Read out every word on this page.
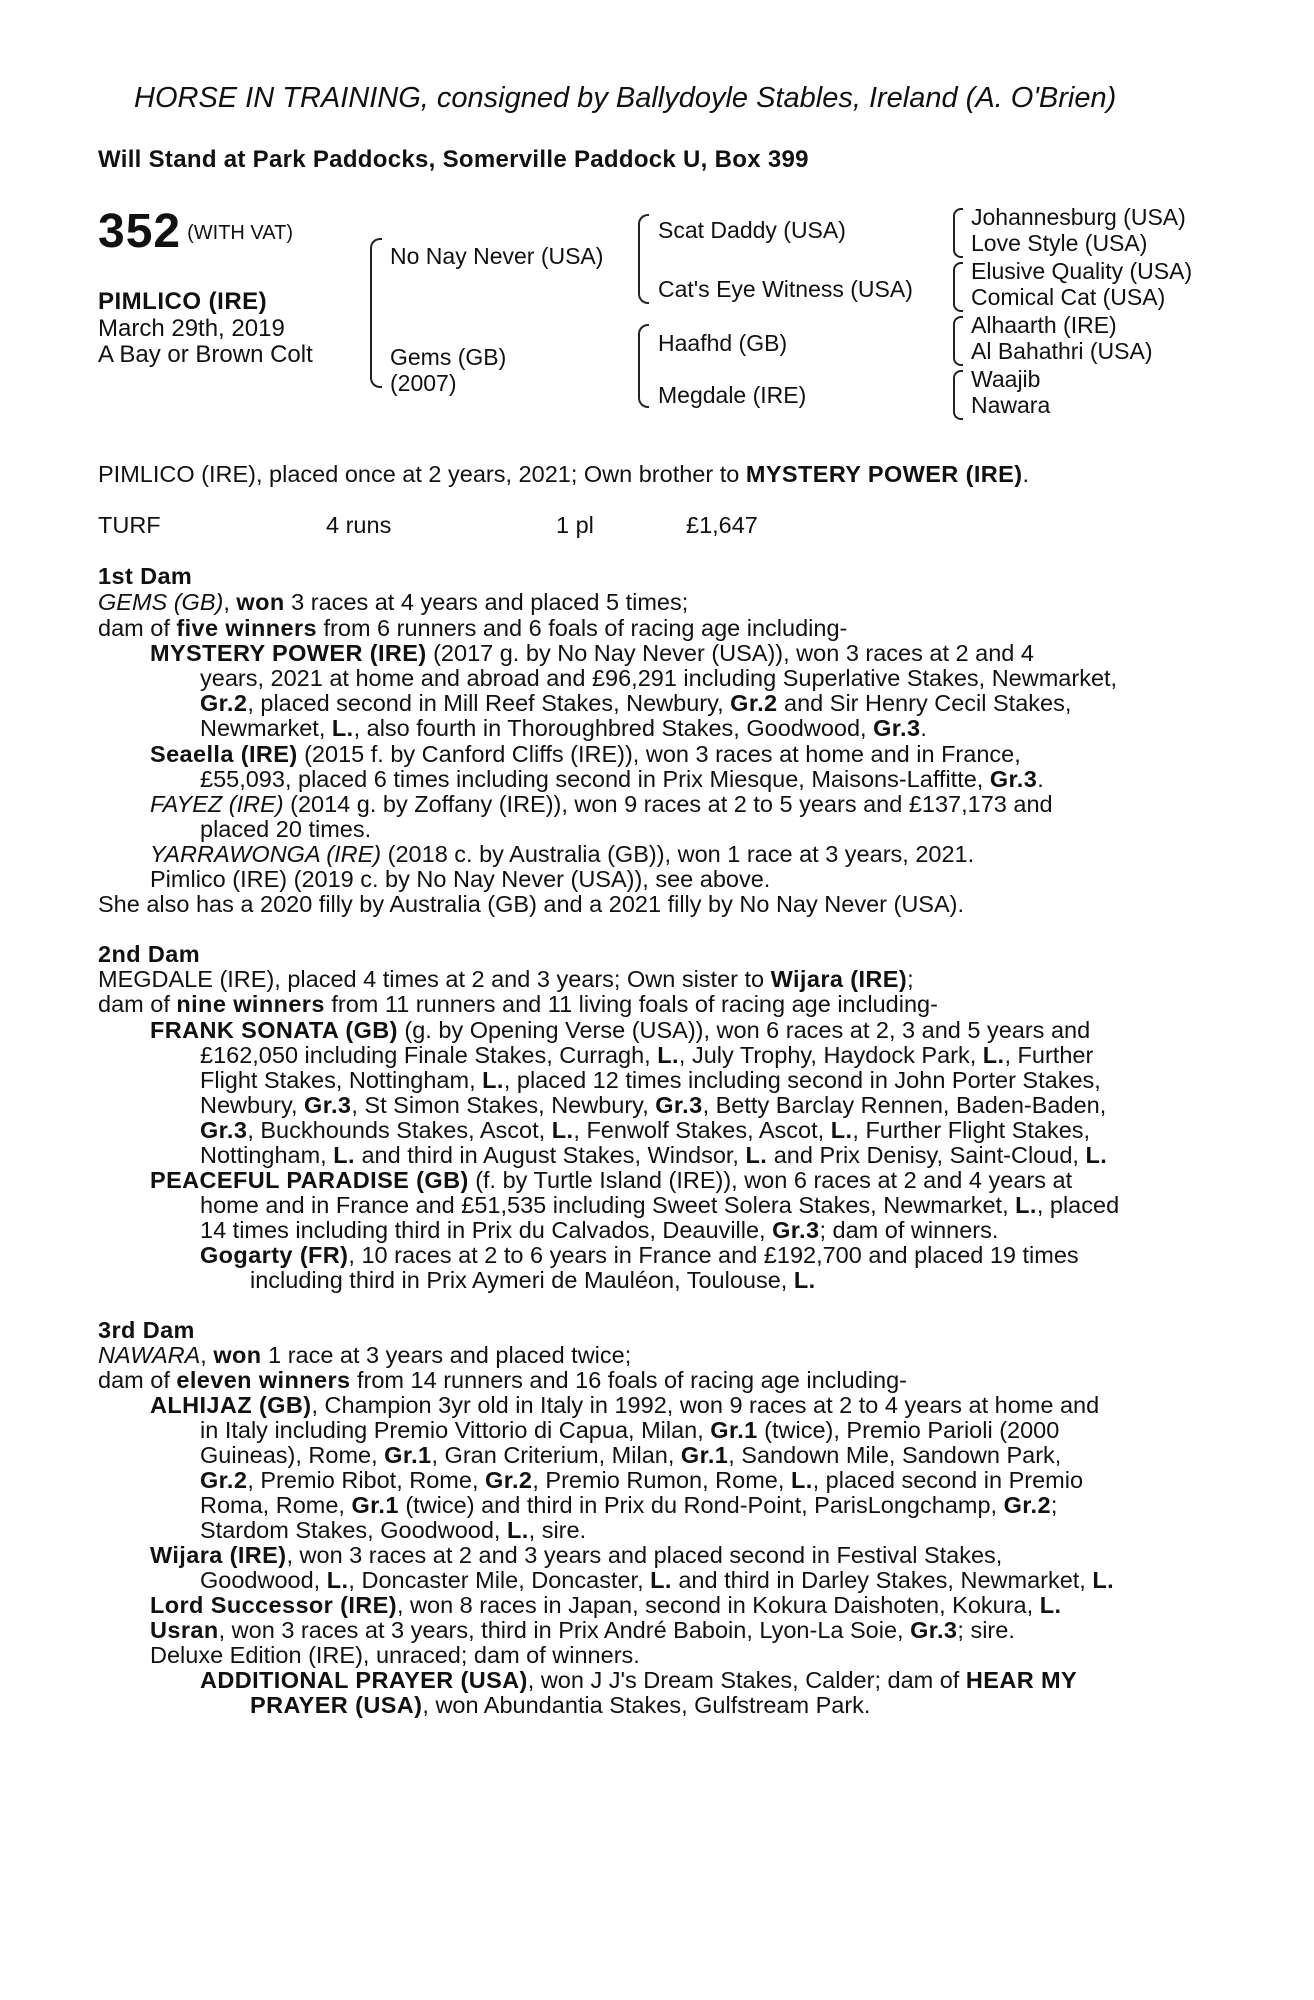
HORSE IN TRAINING, consigned by Ballydoyle Stables, Ireland (A. O'Brien)
Will Stand at Park Paddocks, Somerville Paddock U, Box 399
352 (WITH VAT)
PIMLICO (IRE)
March 29th, 2019
A Bay or Brown Colt
No Nay Never (USA)
Gems (GB)
(2007)
Scat Daddy (USA)
Cat's Eye Witness (USA)
Haafhd (GB)
Megdale (IRE)
Johannesburg (USA)
Love Style (USA)
Elusive Quality (USA)
Comical Cat (USA)
Alhaarth (IRE)
Al Bahathri (USA)
Waajib
Nawara
PIMLICO (IRE), placed once at 2 years, 2021; Own brother to MYSTERY POWER (IRE).
TURF	4 runs	1 pl	£1,647
1st Dam
GEMS (GB), won 3 races at 4 years and placed 5 times;
dam of five winners from 6 runners and 6 foals of racing age including-
MYSTERY POWER (IRE) (2017 g. by No Nay Never (USA)), won 3 races at 2 and 4
years, 2021 at home and abroad and £96,291 including Superlative Stakes, Newmarket,
Gr.2, placed second in Mill Reef Stakes, Newbury, Gr.2 and Sir Henry Cecil Stakes,
Newmarket, L., also fourth in Thoroughbred Stakes, Goodwood, Gr.3.
Seaella (IRE) (2015 f. by Canford Cliffs (IRE)), won 3 races at home and in France,
£55,093, placed 6 times including second in Prix Miesque, Maisons-Laffitte, Gr.3.
FAYEZ (IRE) (2014 g. by Zoffany (IRE)), won 9 races at 2 to 5 years and £137,173 and
placed 20 times.
YARRAWONGA (IRE) (2018 c. by Australia (GB)), won 1 race at 3 years, 2021.
Pimlico (IRE) (2019 c. by No Nay Never (USA)), see above.
She also has a 2020 filly by Australia (GB) and a 2021 filly by No Nay Never (USA).
2nd Dam
MEGDALE (IRE), placed 4 times at 2 and 3 years; Own sister to Wijara (IRE);
dam of nine winners from 11 runners and 11 living foals of racing age including-
FRANK SONATA (GB) (g. by Opening Verse (USA)), won 6 races at 2, 3 and 5 years and
£162,050 including Finale Stakes, Curragh, L., July Trophy, Haydock Park, L., Further
Flight Stakes, Nottingham, L., placed 12 times including second in John Porter Stakes,
Newbury, Gr.3, St Simon Stakes, Newbury, Gr.3, Betty Barclay Rennen, Baden-Baden,
Gr.3, Buckhounds Stakes, Ascot, L., Fenwolf Stakes, Ascot, L., Further Flight Stakes,
Nottingham, L. and third in August Stakes, Windsor, L. and Prix Denisy, Saint-Cloud, L.
PEACEFUL PARADISE (GB) (f. by Turtle Island (IRE)), won 6 races at 2 and 4 years at
home and in France and £51,535 including Sweet Solera Stakes, Newmarket, L., placed
14 times including third in Prix du Calvados, Deauville, Gr.3; dam of winners.
Gogarty (FR), 10 races at 2 to 6 years in France and £192,700 and placed 19 times
including third in Prix Aymeri de Mauléon, Toulouse, L.
3rd Dam
NAWARA, won 1 race at 3 years and placed twice;
dam of eleven winners from 14 runners and 16 foals of racing age including-
ALHIJAZ (GB), Champion 3yr old in Italy in 1992, won 9 races at 2 to 4 years at home and
in Italy including Premio Vittorio di Capua, Milan, Gr.1 (twice), Premio Parioli (2000
Guineas), Rome, Gr.1, Gran Criterium, Milan, Gr.1, Sandown Mile, Sandown Park,
Gr.2, Premio Ribot, Rome, Gr.2, Premio Rumon, Rome, L., placed second in Premio
Roma, Rome, Gr.1 (twice) and third in Prix du Rond-Point, ParisLongchamp, Gr.2;
Stardom Stakes, Goodwood, L., sire.
Wijara (IRE), won 3 races at 2 and 3 years and placed second in Festival Stakes,
Goodwood, L., Doncaster Mile, Doncaster, L. and third in Darley Stakes, Newmarket, L.
Lord Successor (IRE), won 8 races in Japan, second in Kokura Daishoten, Kokura, L.
Usran, won 3 races at 3 years, third in Prix André Baboin, Lyon-La Soie, Gr.3; sire.
Deluxe Edition (IRE), unraced; dam of winners.
ADDITIONAL PRAYER (USA), won J J's Dream Stakes, Calder; dam of HEAR MY
PRAYER (USA), won Abundantia Stakes, Gulfstream Park.
